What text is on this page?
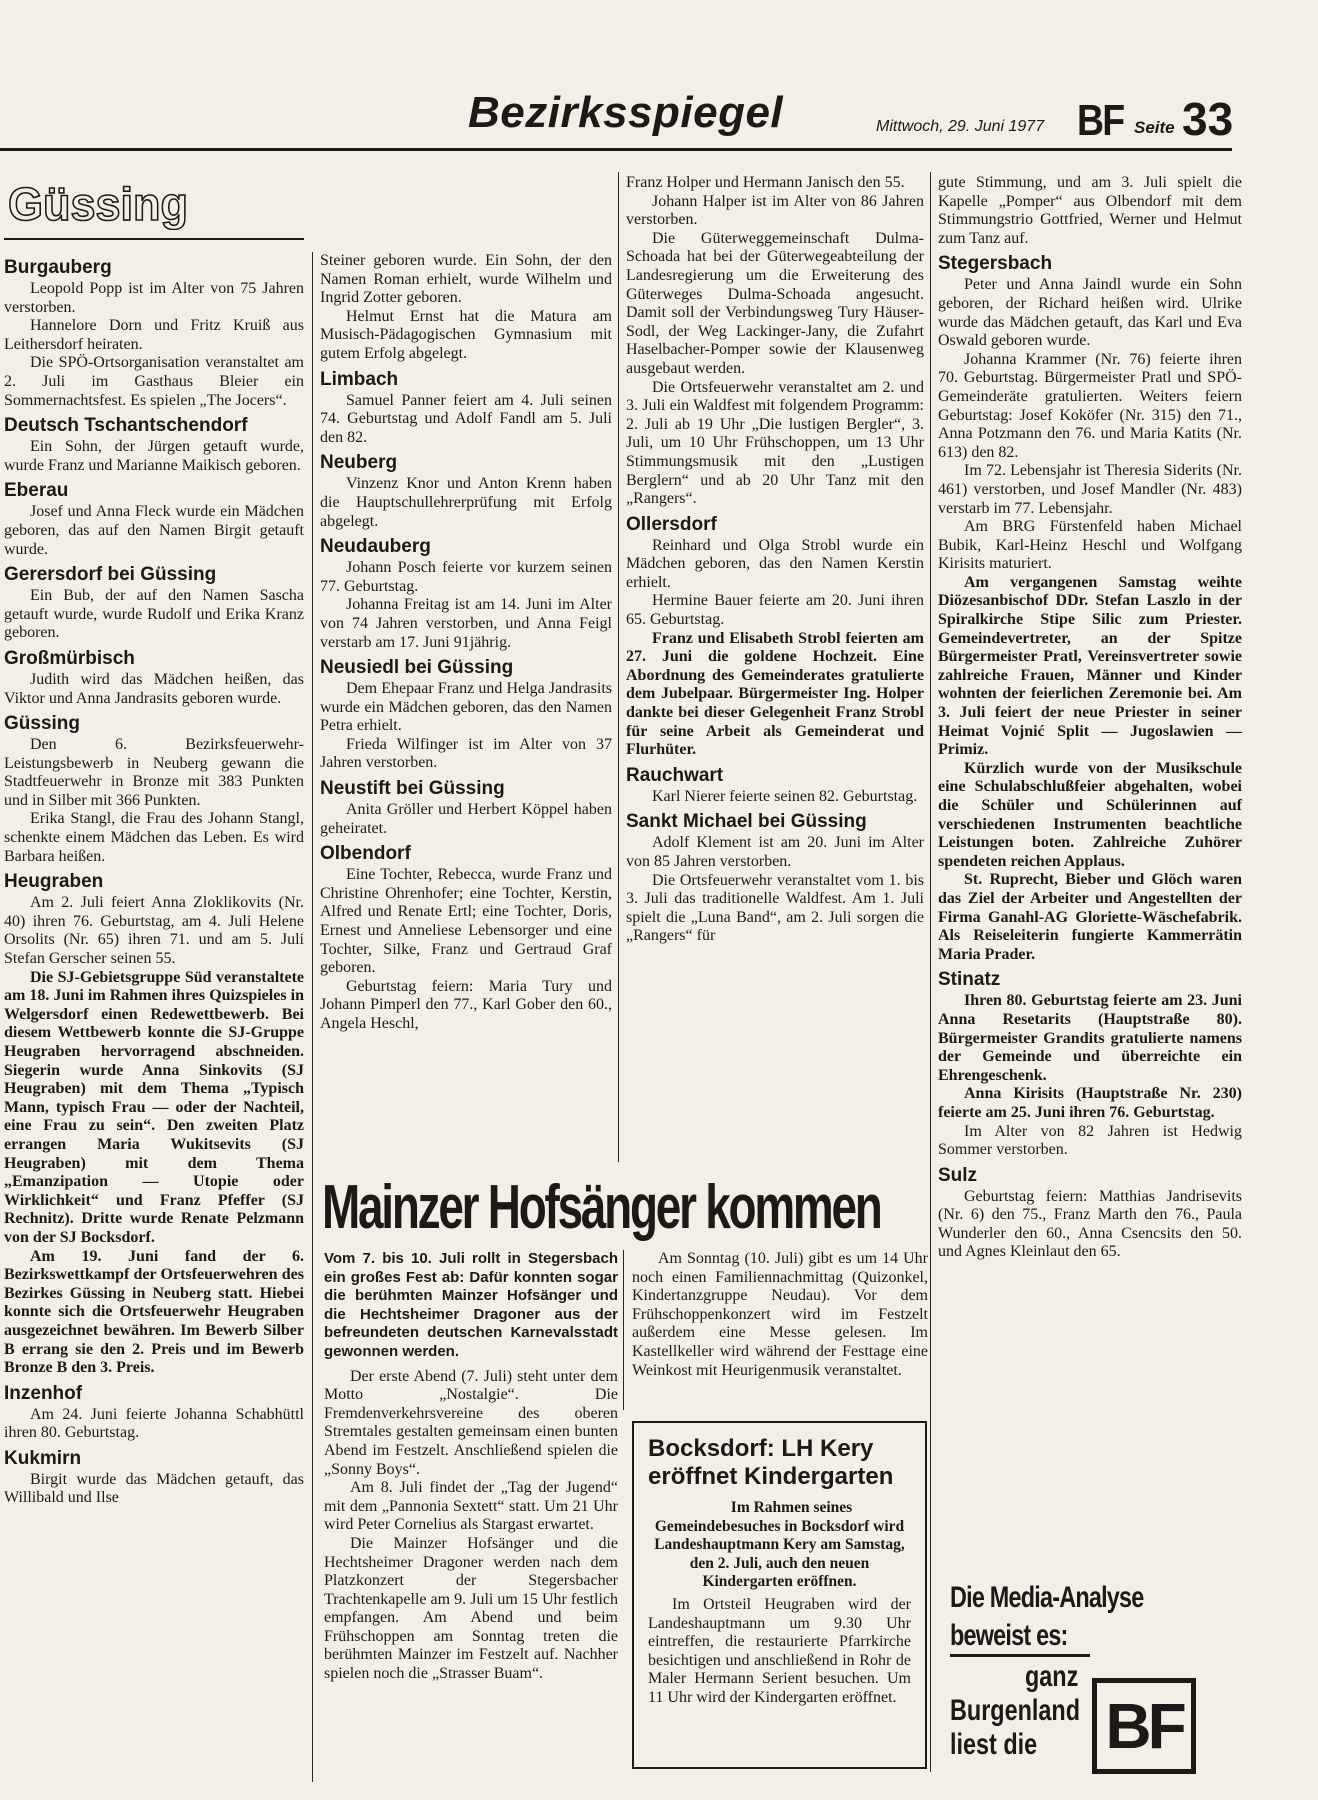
Bezirksspiegel	Mittwoch, 29. Juni 1977 BF Seite 33
Güssing
Burgauberg

Leopold Popp ist im Alter von 75 Jahren verstorben.

Hannelore Dorn und Fritz Kruiß aus Leithersdorf heiraten.

Die SPÖ-Ortsorganisation veranstaltet am 2. Juli im Gasthaus Bleier ein Sommernachtsfest. Es spielen „The Jocers“.

Deutsch Tschantschendorf

Ein Sohn, der Jürgen getauft wurde, wurde Franz und Marianne Maikisch geboren.

Eberau

Josef und Anna Fleck wurde ein Mädchen geboren, das auf den Namen Birgit getauft wurde.

Gerersdorf bei Güssing

Ein Bub, der auf den Namen Sascha getauft wurde, wurde Rudolf und Erika Kranz geboren.

Großmürbisch

Judith wird das Mädchen heißen, das Viktor und Anna Jandrasits geboren wurde.

Güssing

Den 6. Bezirksfeuerwehr-Leistungsbewerb in Neuberg gewann die Stadtfeuerwehr in Bronze mit 383 Punkten und in Silber mit 366 Punkten.

Erika Stangl, die Frau des Johann Stangl, schenkte einem Mädchen das Leben. Es wird Barbara heißen.

Heugraben

Am 2. Juli feiert Anna Zloklikovits (Nr. 40) ihren 76. Geburtstag, am 4. Juli Helene Orsolits (Nr. 65) ihren 71. und am 5. Juli Stefan Gerscher seinen 55.

Die SJ-Gebietsgruppe Süd veranstaltete am 18. Juni im Rahmen ihres Quizspieles in Welgersdorf einen Redewettbewerb. Bei diesem Wettbewerb konnte die SJ-Gruppe Heugraben hervorragend abschneiden. Siegerin wurde Anna Sinkovits (SJ Heugraben) mit dem Thema „Typisch Mann, typisch Frau — oder der Nachteil, eine Frau zu sein“. Den zweiten Platz errangen Maria Wukitsevits (SJ Heugraben) mit dem Thema „Emanzipation — Utopie oder Wirklichkeit“ und Franz Pfeffer (SJ Rechnitz). Dritte wurde Renate Pelzmann von der SJ Bocksdorf.

Am 19. Juni fand der 6. Bezirkswettkampf der Ortsfeuerwehren des Bezirkes Güssing in Neuberg statt. Hiebei konnte sich die Ortsfeuerwehr Heugraben ausgezeichnet bewähren. Im Bewerb Silber B errang sie den 2. Preis und im Bewerb Bronze B den 3. Preis.

Inzenhof

Am 24. Juni feierte Johanna Schabhüttl ihren 80. Geburtstag.

Kukmirn

Birgit wurde das Mädchen getauft, das Willibald und Ilse

Steiner geboren wurde. Ein Sohn, der den Namen Roman erhielt, wurde Wilhelm und Ingrid Zotter geboren.

Helmut Ernst hat die Matura am Musisch-Pädagogischen Gymnasium mit gutem Erfolg abgelegt.

Limbach

Samuel Panner feiert am 4. Juli seinen 74. Geburtstag und Adolf Fandl am 5. Juli den 82.

Neuberg

Vinzenz Knor und Anton Krenn haben die Hauptschullehrerprüfung mit Erfolg abgelegt.

Neudauberg

Johann Posch feierte vor kurzem seinen 77. Geburtstag.

Johanna Freitag ist am 14. Juni im Alter von 74 Jahren verstorben, und Anna Feigl verstarb am 17. Juni 91jährig.

Neusiedl bei Güssing

Dem Ehepaar Franz und Helga Jandrasits wurde ein Mädchen geboren, das den Namen Petra erhielt.

Frieda Wilfinger ist im Alter von 37 Jahren verstorben.

Neustift bei Güssing

Anita Gröller und Herbert Köppel haben geheiratet.

Olbendorf

Eine Tochter, Rebecca, wurde Franz und Christine Ohrenhofer; eine Tochter, Kerstin, Alfred und Renate Ertl; eine Tochter, Doris, Ernest und Anneliese Lebensorger und eine Tochter, Silke, Franz und Gertraud Graf geboren.

Geburtstag feiern: Maria Tury und Johann Pimperl den 77., Karl Gober den 60., Angela Heschl,

Franz Holper und Hermann Janisch den 55.

Johann Halper ist im Alter von 86 Jahren verstorben.

Die Güterweggemeinschaft Dulma-Schoada hat bei der Güterwegeabteilung der Landesregierung um die Erweiterung des Güterweges Dulma-Schoada angesucht. Damit soll der Verbindungsweg Tury Häuser-Sodl, der Weg Lackinger-Jany, die Zufahrt Haselbacher-Pomper sowie der Klausenweg ausgebaut werden.

Die Ortsfeuerwehr veranstaltet am 2. und 3. Juli ein Waldfest mit folgendem Programm: 2. Juli ab 19 Uhr „Die lustigen Bergler“, 3. Juli, um 10 Uhr Frühschoppen, um 13 Uhr Stimmungsmusik mit den „Lustigen Berglern“ und ab 20 Uhr Tanz mit den „Rangers“.

Ollersdorf

Reinhard und Olga Strobl wurde ein Mädchen geboren, das den Namen Kerstin erhielt.

Hermine Bauer feierte am 20. Juni ihren 65. Geburtstag.

Franz und Elisabeth Strobl feierten am 27. Juni die goldene Hochzeit. Eine Abordnung des Gemeinderates gratulierte dem Jubelpaar. Bürgermeister Ing. Holper dankte bei dieser Gelegenheit Franz Strobl für seine Arbeit als Gemeinderat und Flurhüter.

Rauchwart

Karl Nierer feierte seinen 82. Geburtstag.

Sankt Michael bei Güssing

Adolf Klement ist am 20. Juni im Alter von 85 Jahren verstorben.

Die Ortsfeuerwehr veranstaltet vom 1. bis 3. Juli das traditionelle Waldfest. Am 1. Juli spielt die „Luna Band“, am 2. Juli sorgen die „Rangers“ für

gute Stimmung, und am 3. Juli spielt die Kapelle „Pomper“ aus Olbendorf mit dem Stimmungstrio Gottfried, Werner und Helmut zum Tanz auf.

Stegersbach

Peter und Anna Jaindl wurde ein Sohn geboren, der Richard heißen wird. Ulrike wurde das Mädchen getauft, das Karl und Eva Oswald geboren wurde.

Johanna Krammer (Nr. 76) feierte ihren 70. Geburtstag. Bürgermeister Pratl und SPÖ-Gemeinderäte gratulierten. Weiters feiern Geburtstag: Josef Koköfer (Nr. 315) den 71., Anna Potzmann den 76. und Maria Katits (Nr. 613) den 82.

Im 72. Lebensjahr ist Theresia Siderits (Nr. 461) verstorben, und Josef Mandler (Nr. 483) verstarb im 77. Lebensjahr.

Am BRG Fürstenfeld haben Michael Bubik, Karl-Heinz Heschl und Wolfgang Kirisits maturiert.

Am vergangenen Samstag weihte Diözesanbischof DDr. Stefan Laszlo in der Spiralkirche Stipe Silic zum Priester. Gemeindevertreter, an der Spitze Bürgermeister Pratl, Vereinsvertreter sowie zahlreiche Frauen, Männer und Kinder wohnten der feierlichen Zeremonie bei. Am 3. Juli feiert der neue Priester in seiner Heimat Vojnić Split — Jugoslawien — Primiz.

Kürzlich wurde von der Musikschule eine Schulabschlußfeier abgehalten, wobei die Schüler und Schülerinnen auf verschiedenen Instrumenten beachtliche Leistungen boten. Zahlreiche Zuhörer spendeten reichen Applaus.

St. Ruprecht, Bieber und Glöch waren das Ziel der Arbeiter und Angestellten der Firma Ganahl-AG Gloriette-Wäschefabrik. Als Reiseleiterin fungierte Kammerrätin Maria Prader.

Stinatz

Ihren 80. Geburtstag feierte am 23. Juni Anna Resetarits (Hauptstraße 80). Bürgermeister Grandits gratulierte namens der Gemeinde und überreichte ein Ehrengeschenk.

Anna Kirisits (Hauptstraße Nr. 230) feierte am 25. Juni ihren 76. Geburtstag.

Im Alter von 82 Jahren ist Hedwig Sommer verstorben.

Sulz

Geburtstag feiern: Matthias Jandrisevits (Nr. 6) den 75., Franz Marth den 76., Paula Wunderler den 60., Anna Csencsits den 50. und Agnes Kleinlaut den 65.

Mainzer Hofsänger kommen

Vom 7. bis 10. Juli rollt in Stegersbach ein großes Fest ab: Dafür konnten sogar die berühmten Mainzer Hofsänger und die Hechtsheimer Dragoner aus der befreundeten deutschen Karnevalsstadt gewonnen werden.

Der erste Abend (7. Juli) steht unter dem Motto „Nostalgie“. Die Fremdenverkehrsvereine des oberen Stremtales gestalten gemeinsam einen bunten Abend im Festzelt. Anschließend spielen die „Sonny Boys“.

Am 8. Juli findet der „Tag der Jugend“ mit dem „Pannonia Sextett“ statt. Um 21 Uhr wird Peter Cornelius als Stargast erwartet.

Die Mainzer Hofsänger und die Hechtsheimer Dragoner werden nach dem Platzkonzert der Stegersbacher Trachtenkapelle am 9. Juli um 15 Uhr festlich empfangen. Am Abend und beim Frühschoppen am Sonntag treten die berühmten Mainzer im Festzelt auf. Nachher spielen noch die „Strasser Buam“.

Am Sonntag (10. Juli) gibt es um 14 Uhr noch einen Familiennachmittag (Quizonkel, Kindertanzgruppe Neudau). Vor dem Frühschoppenkonzert wird im Festzelt außerdem eine Messe gelesen. Im Kastellkeller wird während der Festtage eine Weinkost mit Heurigenmusik veranstaltet.

Bocksdorf: LH Kery eröffnet Kindergarten

Im Rahmen seines Gemeindebesuches in Bocksdorf wird Landeshauptmann Kery am Samstag, den 2. Juli, auch den neuen Kindergarten eröffnen.

Im Ortsteil Heugraben wird der Landeshauptmann um 9.30 Uhr eintreffen, die restaurierte Pfarrkirche besichtigen und anschließend in Rohr de Maler Hermann Serient besuchen. Um 11 Uhr wird der Kindergarten eröffnet.

Die Media-Analyse
beweist es:
ganz
Burgenland
liest die BF
